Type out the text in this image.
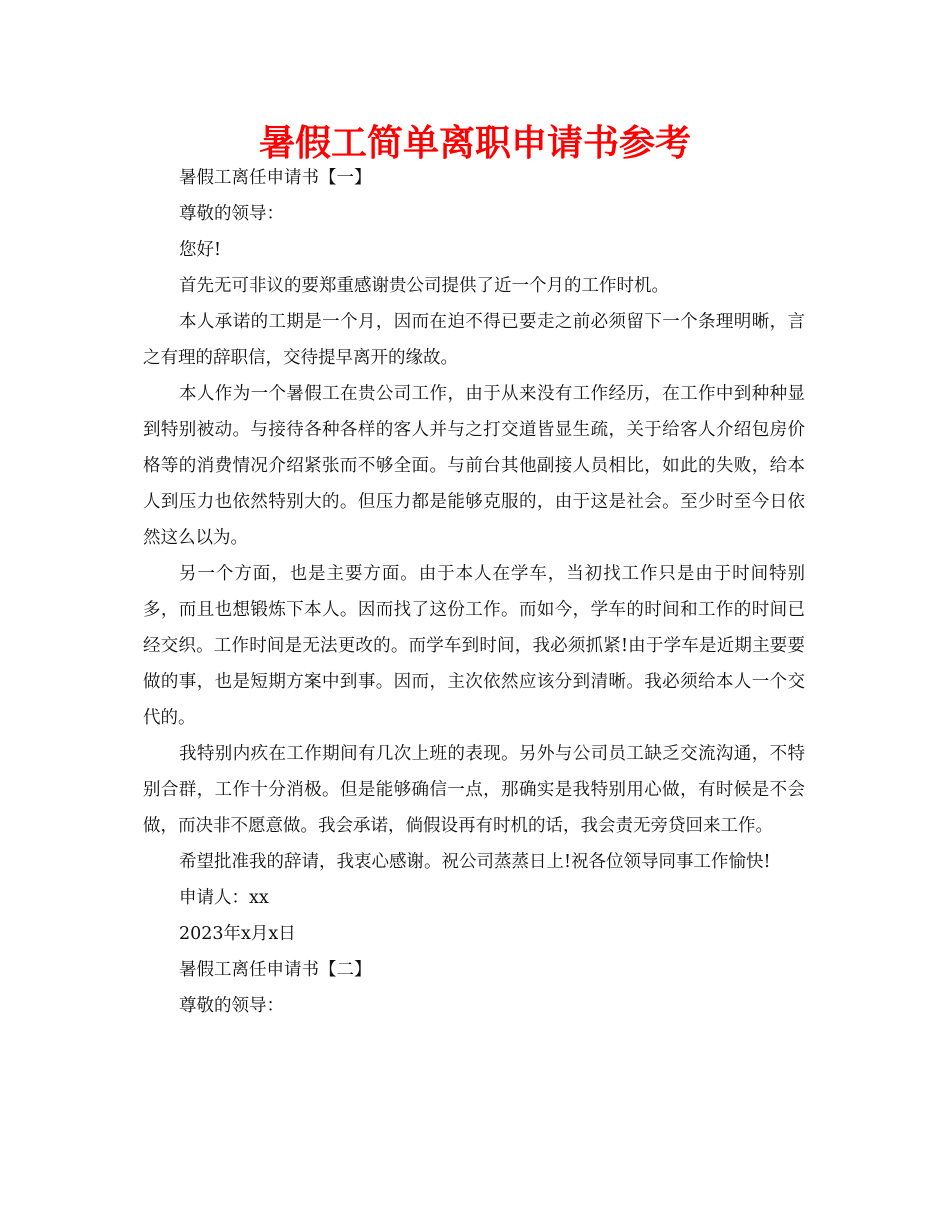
暑假工简单离职申请书参考

暑假工离任申请书【一】

尊敬的领导：

您好!

首先无可非议的要郑重感谢贵公司提供了近一个月的工作时机。

本人承诺的工期是一个月，因而在迫不得已要走之前必须留下一个条理明晰，言之有理的辞职信，交待提早离开的缘故。

本人作为一个暑假工在贵公司工作，由于从来没有工作经历，在工作中到种种显到特别被动。与接待各种各样的客人并与之打交道皆显生疏，关于给客人介绍包房价格等的消费情况介绍紧张而不够全面。与前台其他副接人员相比，如此的失败，给本人到压力也依然特别大的。但压力都是能够克服的，由于这是社会。至少时至今日依然这么以为。

另一个方面，也是主要方面。由于本人在学车，当初找工作只是由于时间特别多，而且也想锻炼下本人。因而找了这份工作。而如今，学车的时间和工作的时间已经交织。工作时间是无法更改的。而学车到时间，我必须抓紧!由于学车是近期主要要做的事，也是短期方案中到事。因而，主次依然应该分到清晰。我必须给本人一个交代的。

我特别内疚在工作期间有几次上班的表现。另外与公司员工缺乏交流沟通，不特别合群，工作十分消极。但是能够确信一点，那确实是我特别用心做，有时候是不会做，而决非不愿意做。我会承诺，倘假设再有时机的话，我会责无旁贷回来工作。

希望批准我的辞请，我衷心感谢。祝公司蒸蒸日上!祝各位领导同事工作愉快!

申请人：xx

2023年x月x日

暑假工离任申请书【二】

尊敬的领导：
